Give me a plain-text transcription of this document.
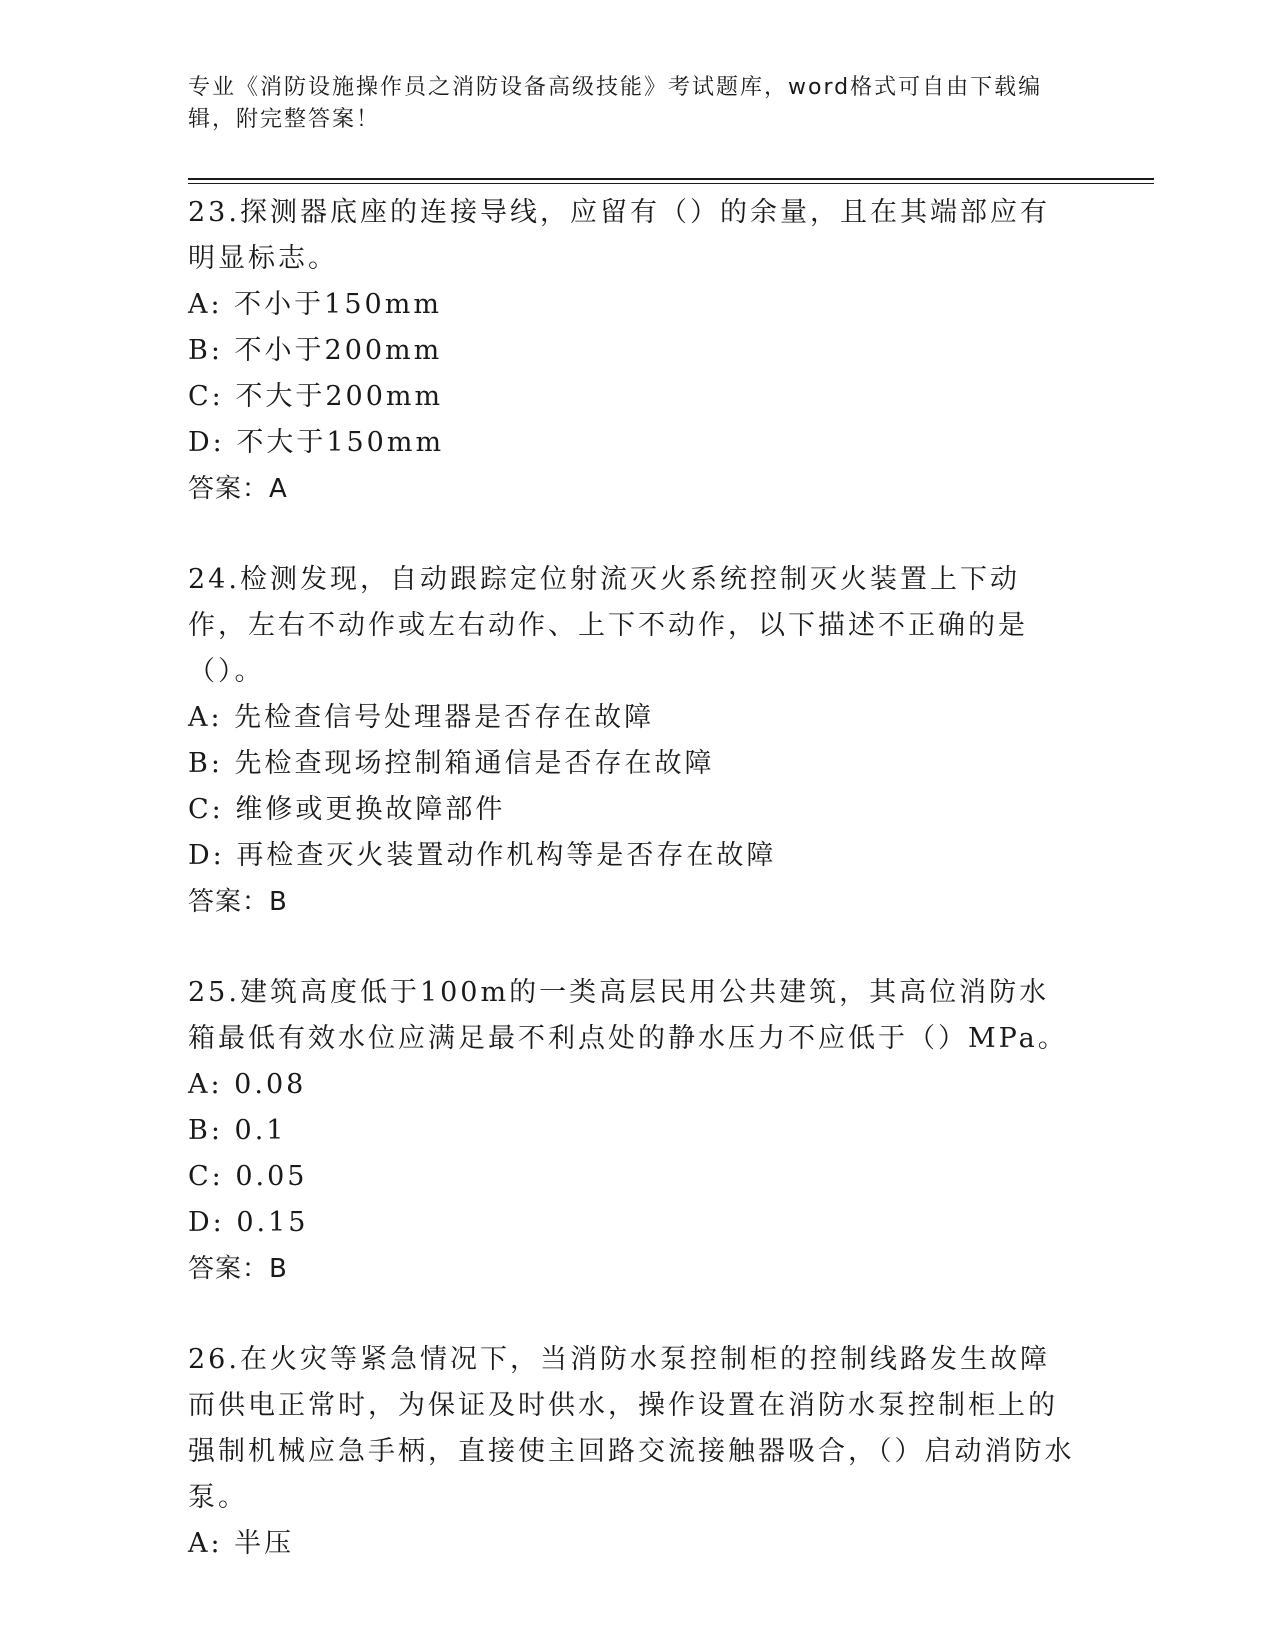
专业《消防设施操作员之消防设备高级技能》考试题库，word格式可自由下载编辑，附完整答案！

23.探测器底座的连接导线，应留有（）的余量，且在其端部应有明显标志。

A: 不小于150mm

B: 不小于200mm

C: 不大于200mm

D: 不大于150mm

答案：A

24.检测发现，自动跟踪定位射流灭火系统控制灭火装置上下动作，左右不动作或左右动作、上下不动作，以下描述不正确的是（）。

A: 先检查信号处理器是否存在故障

B: 先检查现场控制箱通信是否存在故障

C: 维修或更换故障部件

D: 再检查灭火装置动作机构等是否存在故障

答案：B

25.建筑高度低于100m的一类高层民用公共建筑，其高位消防水箱最低有效水位应满足最不利点处的静水压力不应低于（）MPa。

A: 0.08

B: 0.1

C: 0.05

D: 0.15

答案：B

26.在火灾等紧急情况下，当消防水泵控制柜的控制线路发生故障而供电正常时，为保证及时供水，操作设置在消防水泵控制柜上的强制机械应急手柄，直接使主回路交流接触器吸合，（）启动消防水泵。

A: 半压
